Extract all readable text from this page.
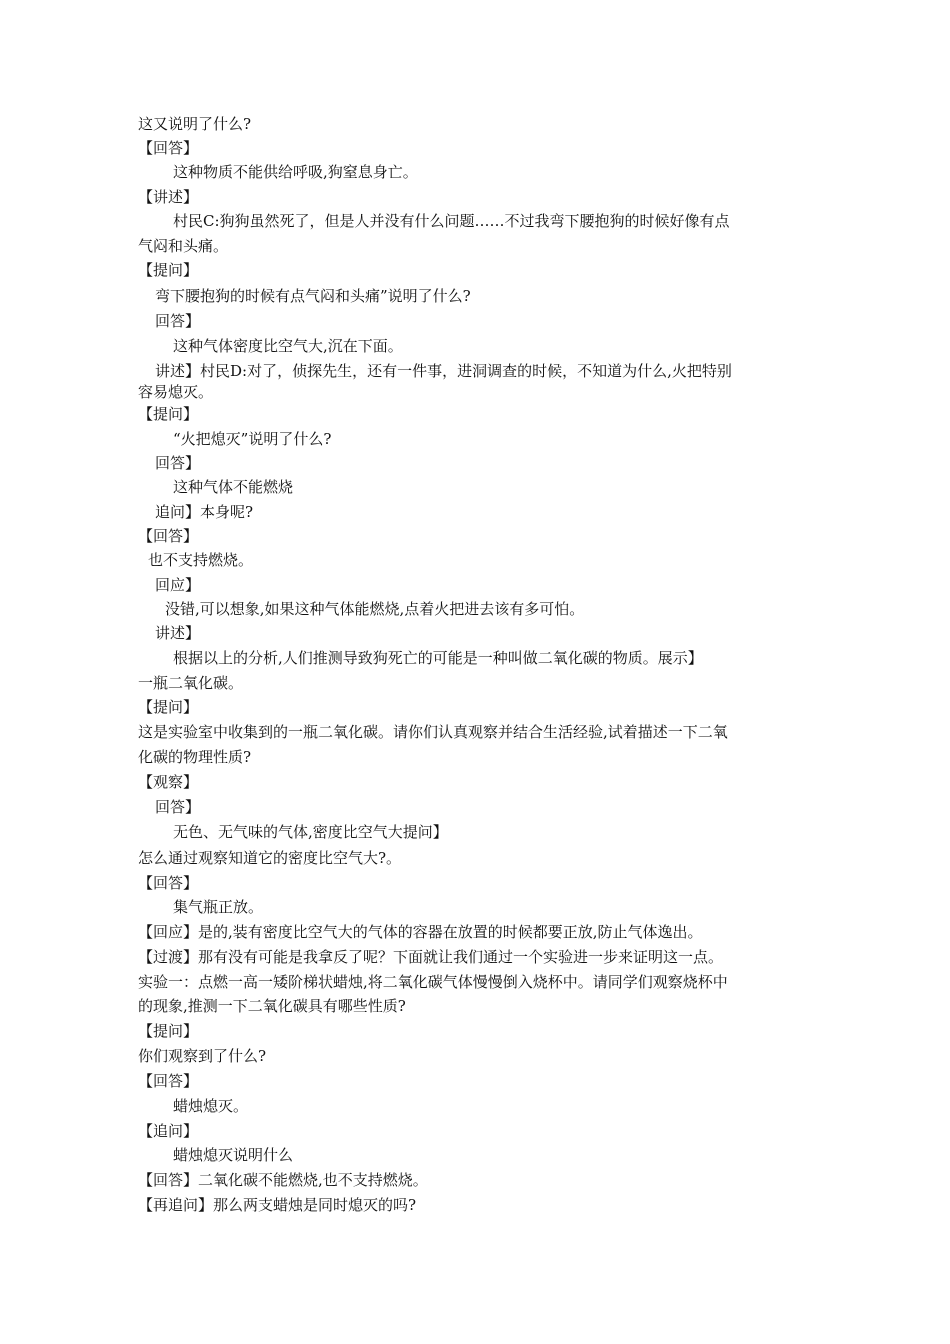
这又说明了什么?
【回答】
这种物质不能供给呼吸,狗窒息身亡。
【讲述】
村民C:狗狗虽然死了，但是人并没有什么问题……不过我弯下腰抱狗的时候好像有点
气闷和头痛。
【提问】
弯下腰抱狗的时候有点气闷和头痛”说明了什么?
回答】
这种气体密度比空气大,沉在下面。
讲述】村民D:对了，侦探先生，还有一件事，进洞调查的时候，不知道为什么,火把特别
容易熄灭。
【提问】
“火把熄灭”说明了什么?
回答】
这种气体不能燃烧
追问】本身呢?
【回答】
也不支持燃烧。
回应】
没错,可以想象,如果这种气体能燃烧,点着火把进去该有多可怕。
讲述】
根据以上的分析,人们推测导致狗死亡的可能是一种叫做二氧化碳的物质。展示】
一瓶二氧化碳。
【提问】
这是实验室中收集到的一瓶二氧化碳。请你们认真观察并结合生活经验,试着描述一下二氧
化碳的物理性质?
【观察】
回答】
无色、无气味的气体,密度比空气大提问】
怎么通过观察知道它的密度比空气大?。
【回答】
集气瓶正放。
【回应】是的,装有密度比空气大的气体的容器在放置的时候都要正放,防止气体逸出。
【过渡】那有没有可能是我拿反了呢？下面就让我们通过一个实验进一步来证明这一点。
实验一：点燃一高一矮阶梯状蜡烛,将二氧化碳气体慢慢倒入烧杯中。请同学们观察烧杯中
的现象,推测一下二氧化碳具有哪些性质?
【提问】
你们观察到了什么?
【回答】
蜡烛熄灭。
【追问】
蜡烛熄灭说明什么
【回答】二氧化碳不能燃烧,也不支持燃烧。
【再追问】那么两支蜡烛是同时熄灭的吗?
